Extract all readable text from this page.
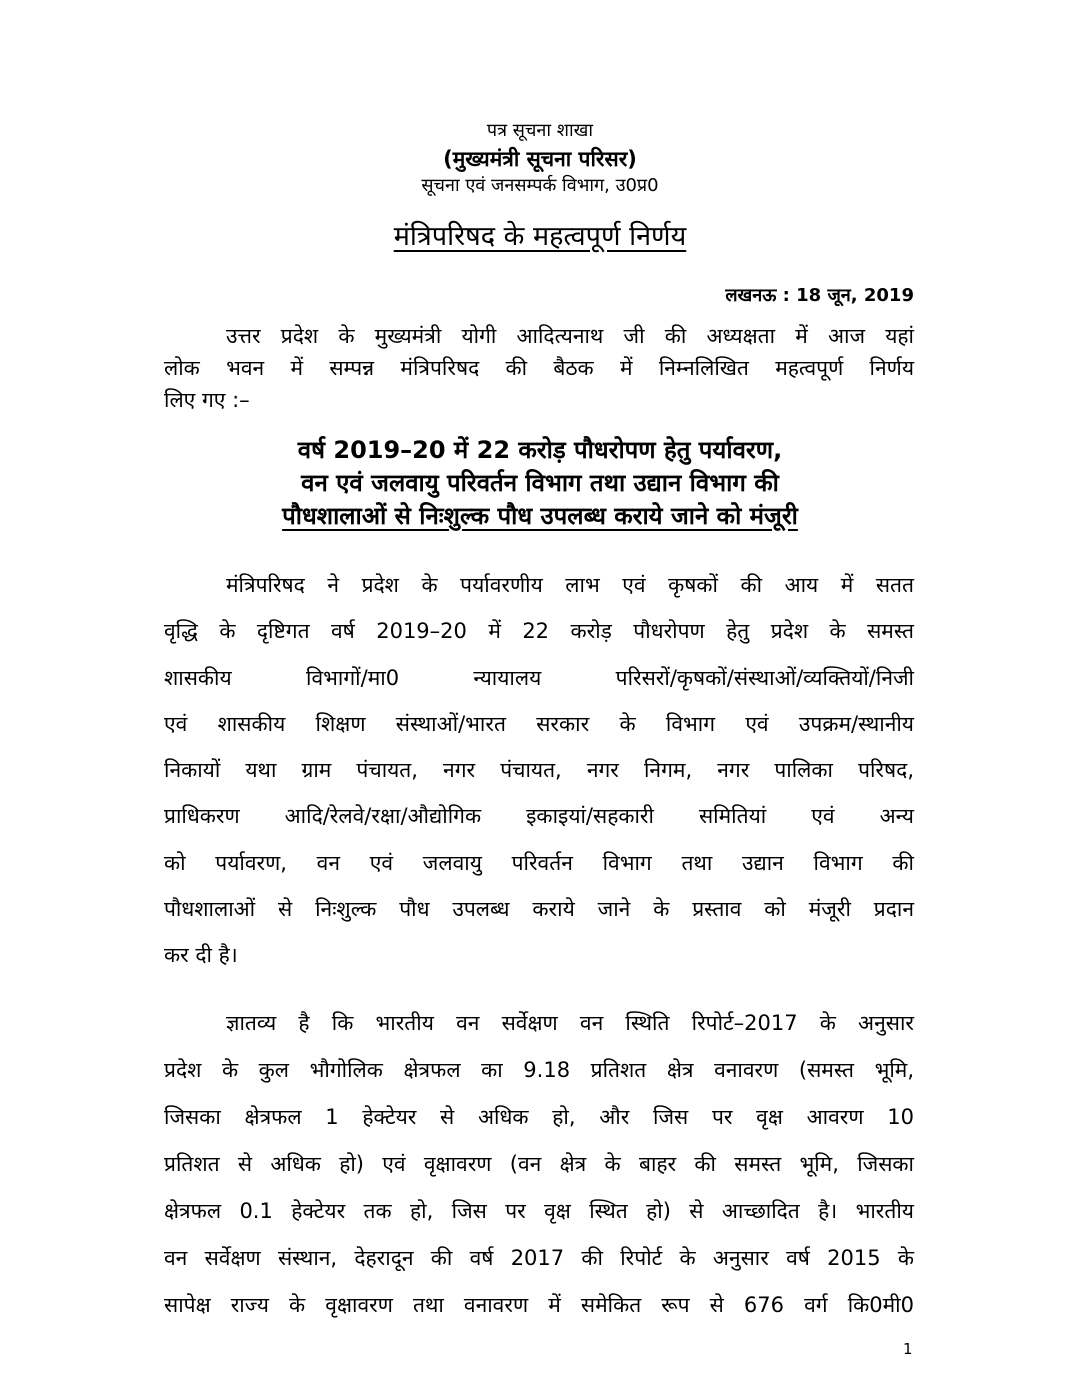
पत्र सूचना शाखा
(मुख्यमंत्री सूचना परिसर)
सूचना एवं जनसम्पर्क विभाग, उ0प्र0
मंत्रिपरिषद के महत्वपूर्ण निर्णय
लखनऊ : 18 जून, 2019
उत्तर प्रदेश के मुख्यमंत्री योगी आदित्यनाथ जी की अध्यक्षता में आज यहां
लोक भवन में सम्पन्न मंत्रिपरिषद की बैठक में निम्नलिखित महत्वपूर्ण निर्णय
लिए गए :–
वर्ष 2019–20 में 22 करोड़ पौधरोपण हेतु पर्यावरण,
वन एवं जलवायु परिवर्तन विभाग तथा उद्यान विभाग की
पौधशालाओं से निःशुल्क पौध उपलब्ध कराये जाने को मंजूरी
मंत्रिपरिषद ने प्रदेश के पर्यावरणीय लाभ एवं कृषकों की आय में सतत
वृद्धि के दृष्टिगत वर्ष 2019–20 में 22 करोड़ पौधरोपण हेतु प्रदेश के समस्त
शासकीय विभागों/मा0 न्यायालय परिसरों/कृषकों/संस्थाओं/व्यक्तियों/निजी
एवं शासकीय शिक्षण संस्थाओं/भारत सरकार के विभाग एवं उपक्रम/स्थानीय
निकायों यथा ग्राम पंचायत, नगर पंचायत, नगर निगम, नगर पालिका परिषद,
प्राधिकरण आदि/रेलवे/रक्षा/औद्योगिक इकाइयां/सहकारी समितियां एवं अन्य
को पर्यावरण, वन एवं जलवायु परिवर्तन विभाग तथा उद्यान विभाग की
पौधशालाओं से निःशुल्क पौध उपलब्ध कराये जाने के प्रस्ताव को मंजूरी प्रदान
कर दी है।
ज्ञातव्य है कि भारतीय वन सर्वेक्षण वन स्थिति रिपोर्ट–2017 के अनुसार
प्रदेश के कुल भौगोलिक क्षेत्रफल का 9.18 प्रतिशत क्षेत्र वनावरण (समस्त भूमि,
जिसका क्षेत्रफल 1 हेक्टेयर से अधिक हो, और जिस पर वृक्ष आवरण 10
प्रतिशत से अधिक हो) एवं वृक्षावरण (वन क्षेत्र के बाहर की समस्त भूमि, जिसका
क्षेत्रफल 0.1 हेक्टेयर तक हो, जिस पर वृक्ष स्थित हो) से आच्छादित है। भारतीय
वन सर्वेक्षण संस्थान, देहरादून की वर्ष 2017 की रिपोर्ट के अनुसार वर्ष 2015 के
सापेक्ष राज्य के वृक्षावरण तथा वनावरण में समेकित रूप से 676 वर्ग कि0मी0
1
